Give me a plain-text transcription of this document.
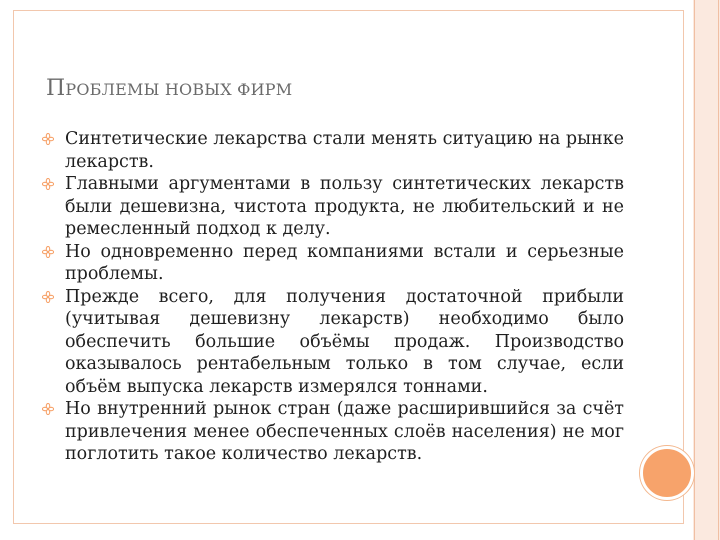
ПРОБЛЕМЫ НОВЫХ ФИРМ
Синтетические лекарства стали менять ситуацию на рынке лекарств.
Главными аргументами в пользу синтетических лекарств были дешевизна, чистота продукта, не любительский и не ремесленный подход к делу.
Но одновременно перед компаниями встали и серьезные проблемы.
Прежде всего, для получения достаточной прибыли (учитывая дешевизну лекарств) необходимо было обеспечить большие объёмы продаж. Производство оказывалось рентабельным только в том случае, если объём выпуска лекарств измерялся тоннами.
Но внутренний рынок стран (даже расширившийся за счёт привлечения менее обеспеченных слоёв населения) не мог поглотить такое количество лекарств.
